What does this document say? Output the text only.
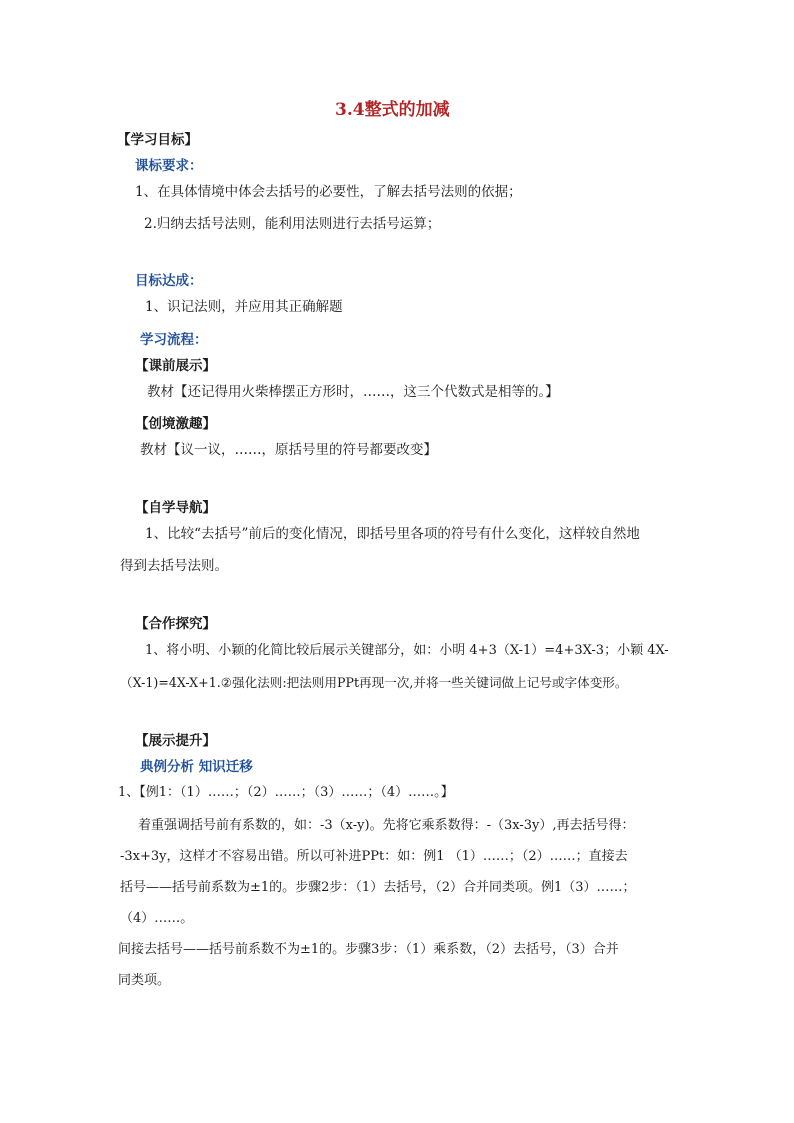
3.4整式的加减
【学习目标】
课标要求：
1、在具体情境中体会去括号的必要性，了解去括号法则的依据；
2.归纳去括号法则，能利用法则进行去括号运算；
目标达成：
1、识记法则，并应用其正确解题
学习流程：
【课前展示】
教材【还记得用火柴棒摆正方形时，……，这三个代数式是相等的。】
【创境激趣】
教材【议一议，……，原括号里的符号都要改变】
【自学导航】
1、比较“去括号”前后的变化情况，即括号里各项的符号有什么变化，这样较自然地
得到去括号法则。
【合作探究】
1、将小明、小颖的化简比较后展示关键部分，如：小明 4+3（X-1）=4+3X-3；小颖 4X-
（X-1)=4X-X+1.②强化法则:把法则用PPt再现一次,并将一些关键词做上记号或字体变形。
【展示提升】
典例分析 知识迁移
1、【例1：（1）……；（2）……；（3）……；（4）……。】
着重强调括号前有系数的，如：-3（x-y)。先将它乘系数得：-（3x-3y）,再去括号得：
-3x+3y，这样才不容易出错。所以可补进PPt：如：例1 （1）……；（2）……；直接去
括号——括号前系数为±1的。步骤2步：（1）去括号，（2）合并同类项。例1（3）……；
（4）……。
间接去括号——括号前系数不为±1的。步骤3步：（1）乘系数，（2）去括号，（3）合并
同类项。
